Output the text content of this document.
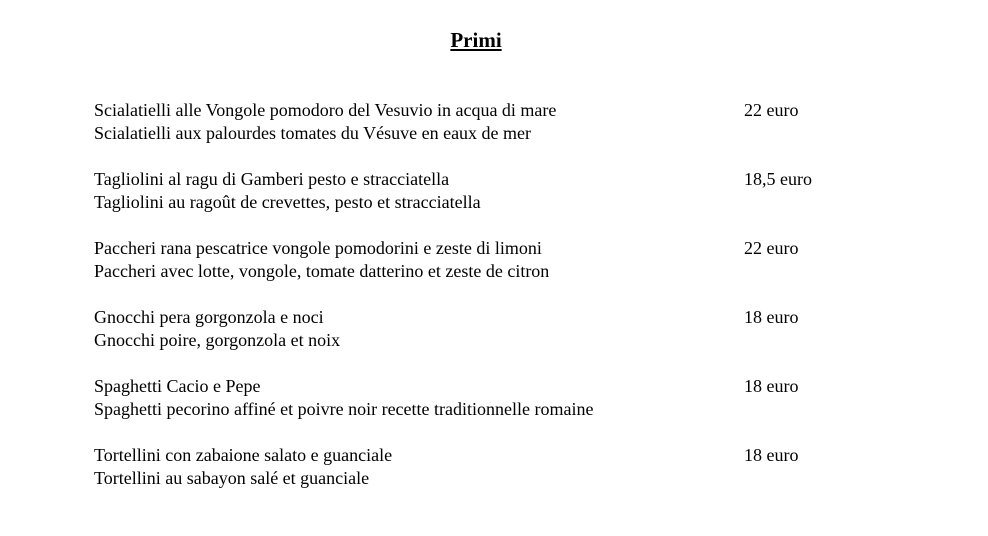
Primi
Scialatielli alle Vongole pomodoro del Vesuvio in acqua di mare
Scialatielli aux palourdes tomates du Vésuve en eaux de mer
22 euro
Tagliolini al ragu di Gamberi pesto e stracciatella
Tagliolini au ragoût de crevettes, pesto et stracciatella
18,5 euro
Paccheri rana pescatrice vongole pomodorini e zeste di limoni
Paccheri avec lotte, vongole, tomate datterino et zeste de citron
22 euro
Gnocchi pera gorgonzola e noci
Gnocchi poire, gorgonzola et noix
18 euro
Spaghetti Cacio e Pepe
Spaghetti pecorino affiné et poivre noir recette traditionnelle romaine
18 euro
Tortellini con zabaione salato e guanciale
Tortellini au sabayon salé et guanciale
18 euro
